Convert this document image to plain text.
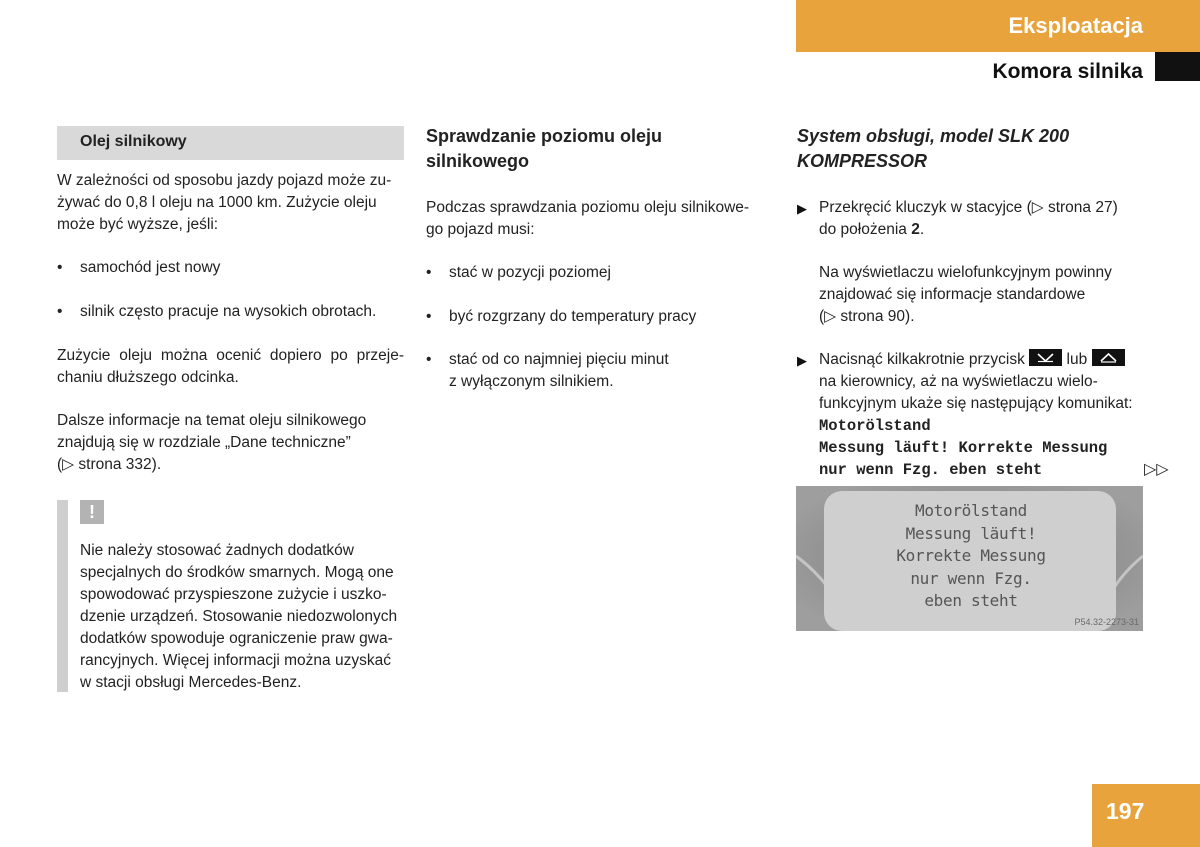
Eksploatacja
Komora silnika
Olej silnikowy
W zależności od sposobu jazdy pojazd może zu-
żywać do 0,8 l oleju na 1000 km. Zużycie oleju
może być wyższe, jeśli:
• samochód jest nowy
• silnik często pracuje na wysokich obrotach.
Zużycie oleju można ocenić dopiero po przeje-
chaniu dłuższego odcinka.
Dalsze informacje na temat oleju silnikowego
znajdują się w rozdziale „Dane techniczne”
(▷ strona 332).
!
Nie należy stosować żadnych dodatków
specjalnych do środków smarnych. Mogą one
spowodować przyspieszone zużycie i uszko-
dzenie urządzeń. Stosowanie niedozwolonych
dodatków spowoduje ograniczenie praw gwa-
rancyjnych. Więcej informacji można uzyskać
w stacji obsługi Mercedes-Benz.
Sprawdzanie poziomu oleju
silnikowego
Podczas sprawdzania poziomu oleju silnikowe-
go pojazd musi:
• stać w pozycji poziomej
• być rozgrzany do temperatury pracy
• stać od co najmniej pięciu minut
z wyłączonym silnikiem.
System obsługi, model SLK 200
KOMPRESSOR
▶ Przekręcić kluczyk w stacyjce (▷ strona 27)
do położenia 2.
Na wyświetlaczu wielofunkcyjnym powinny
znajdować się informacje standardowe
(▷ strona 90).
▶ Nacisnąć kilkakrotnie przycisk	lub
na kierownicy, aż na wyświetlaczu wielo-
funkcyjnym ukaże się następujący komunikat:
Motorölstand
Messung läuft! Korrekte Messung
nur wenn Fzg. eben steht	▷▷
Motorölstand
Messung läuft!
Korrekte Messung
nur wenn Fzg.
eben steht
P54.32-2273-31
197
